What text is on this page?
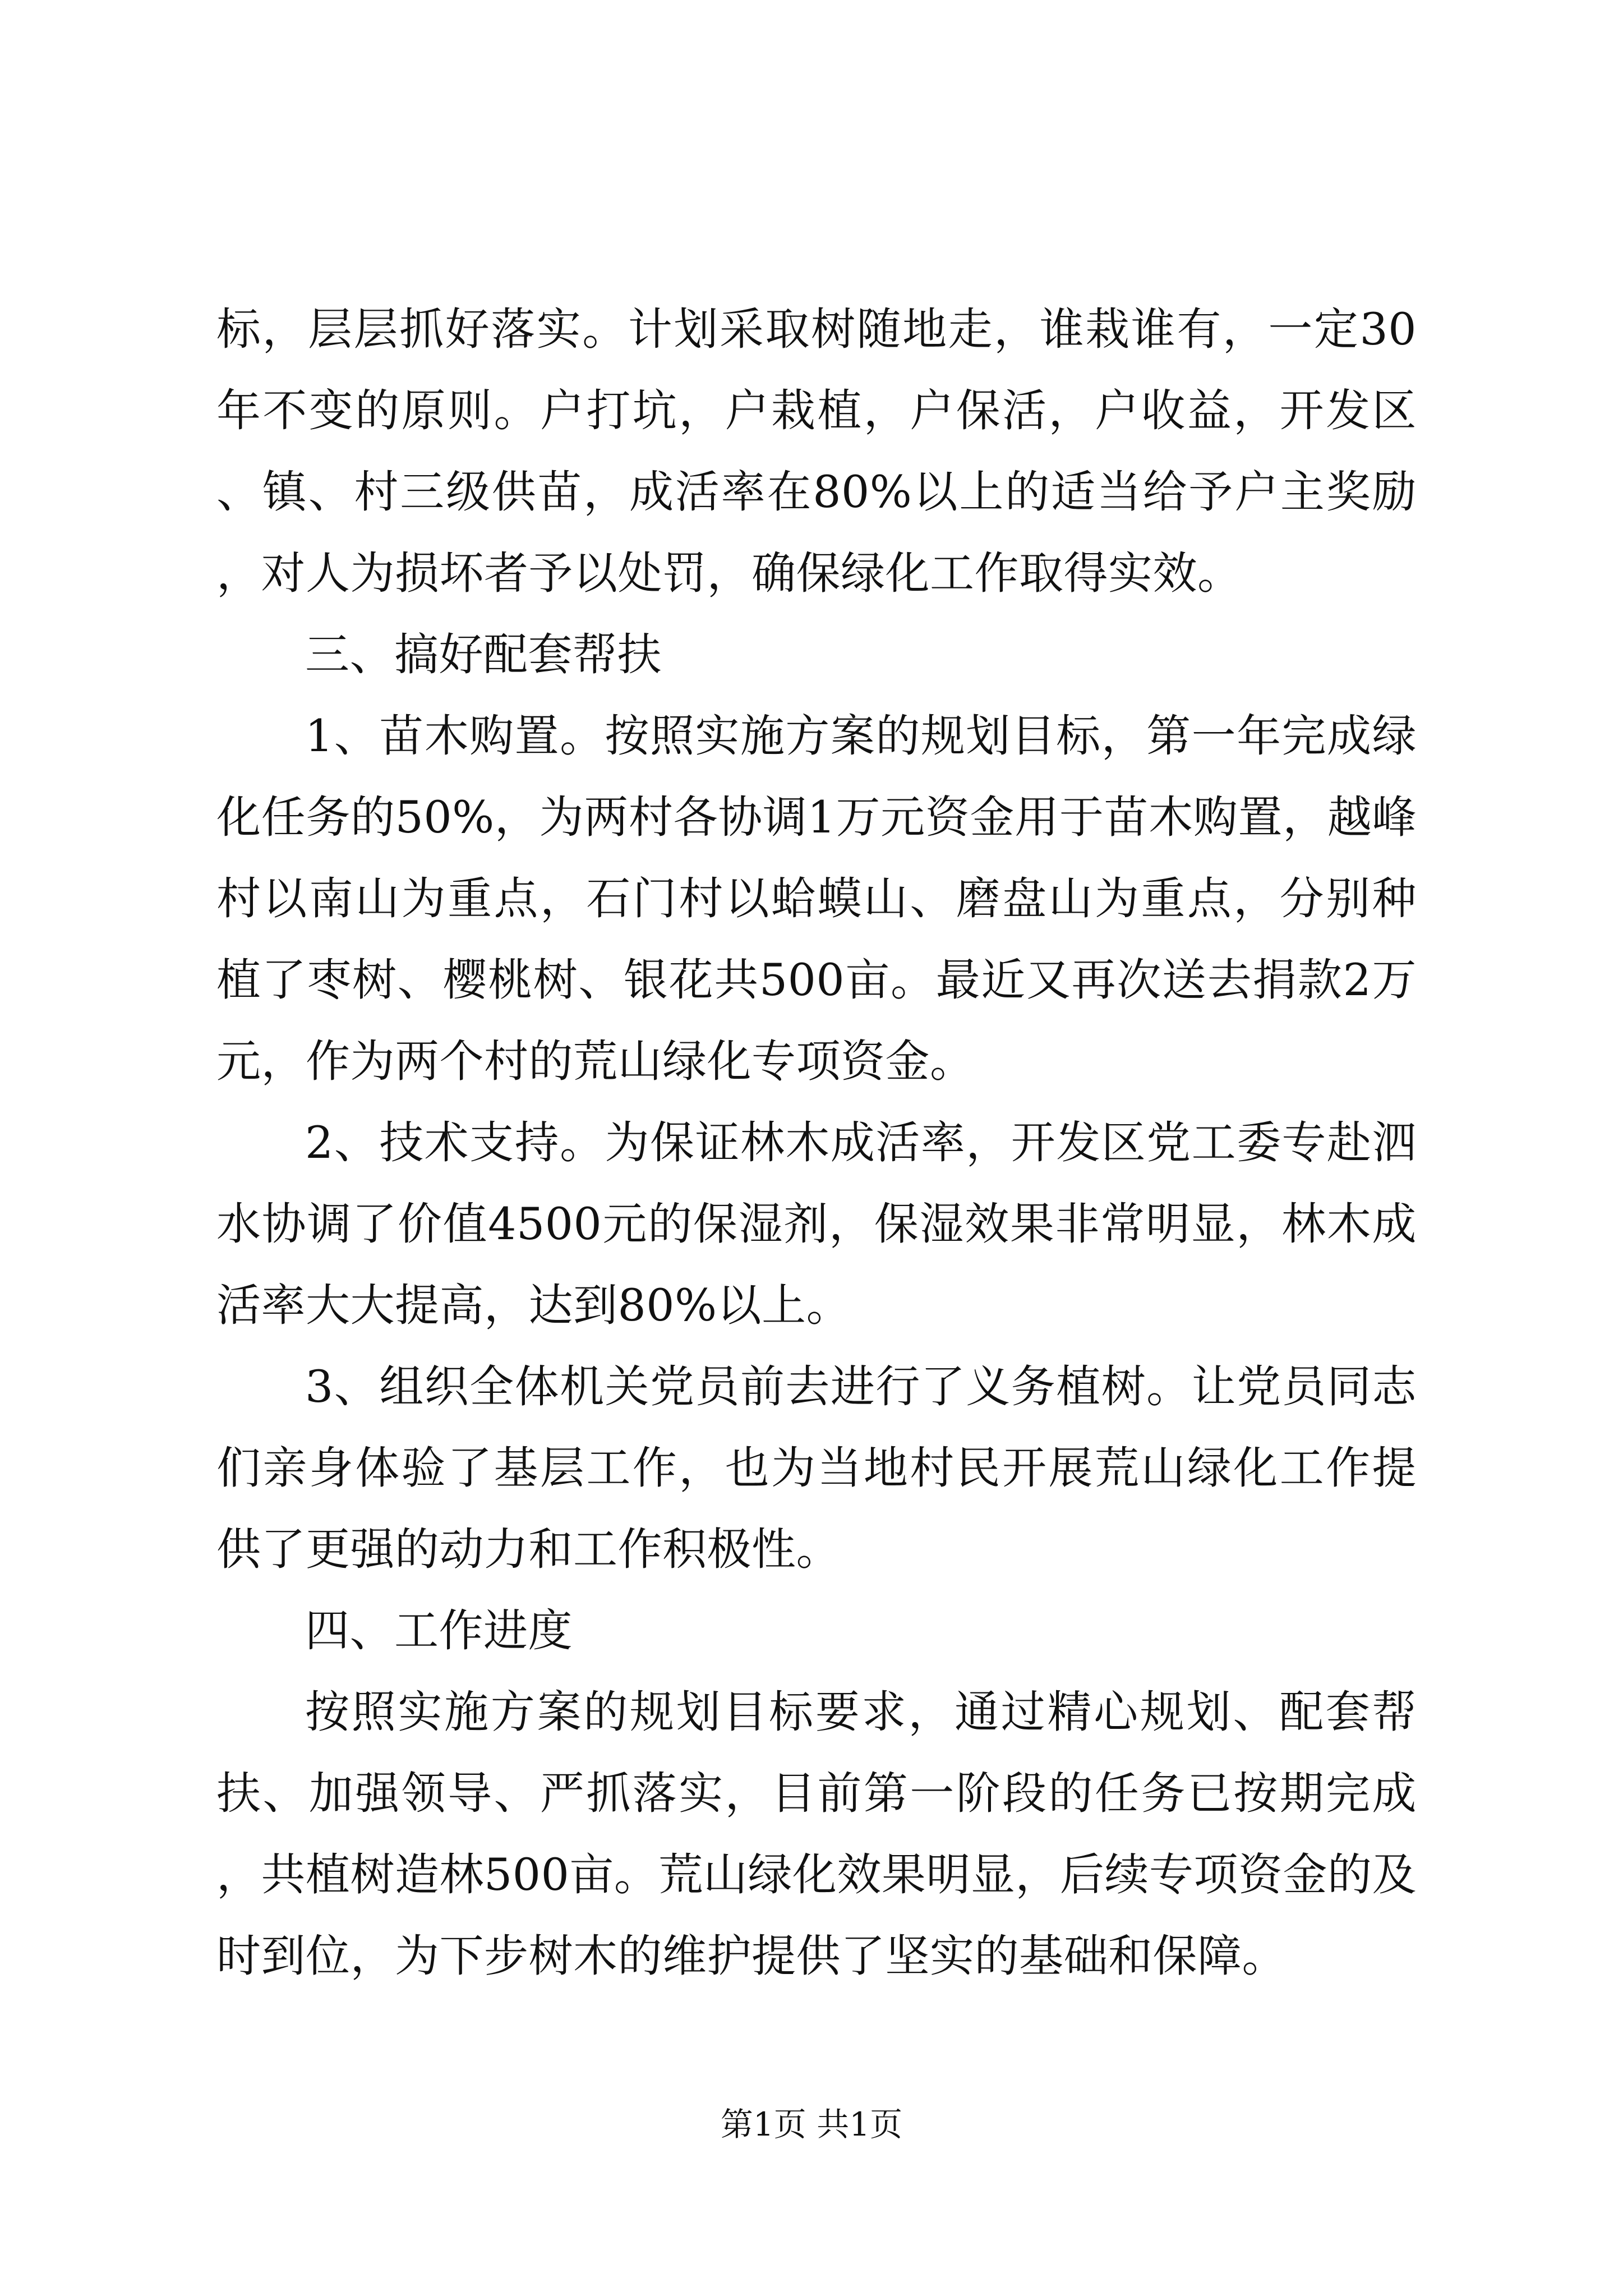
标，层层抓好落实。计划采取树随地走，谁栽谁有，一定30年不变的原则。户打坑，户栽植，户保活，户收益，开发区、镇、村三级供苗，成活率在80%以上的适当给予户主奖励，对人为损坏者予以处罚，确保绿化工作取得实效。

三、搞好配套帮扶

1、苗木购置。按照实施方案的规划目标，第一年完成绿化任务的50%，为两村各协调1万元资金用于苗木购置，越峰村以南山为重点，石门村以蛤蟆山、磨盘山为重点，分别种植了枣树、樱桃树、银花共500亩。最近又再次送去捐款2万元，作为两个村的荒山绿化专项资金。

2、技术支持。为保证林木成活率，开发区党工委专赴泗水协调了价值4500元的保湿剂，保湿效果非常明显，林木成活率大大提高，达到80%以上。

3、组织全体机关党员前去进行了义务植树。让党员同志们亲身体验了基层工作，也为当地村民开展荒山绿化工作提供了更强的动力和工作积极性。

四、工作进度

按照实施方案的规划目标要求，通过精心规划、配套帮扶、加强领导、严抓落实，目前第一阶段的任务已按期完成，共植树造林500亩。荒山绿化效果明显，后续专项资金的及时到位，为下步树木的维护提供了坚实的基础和保障。

第1页 共1页
